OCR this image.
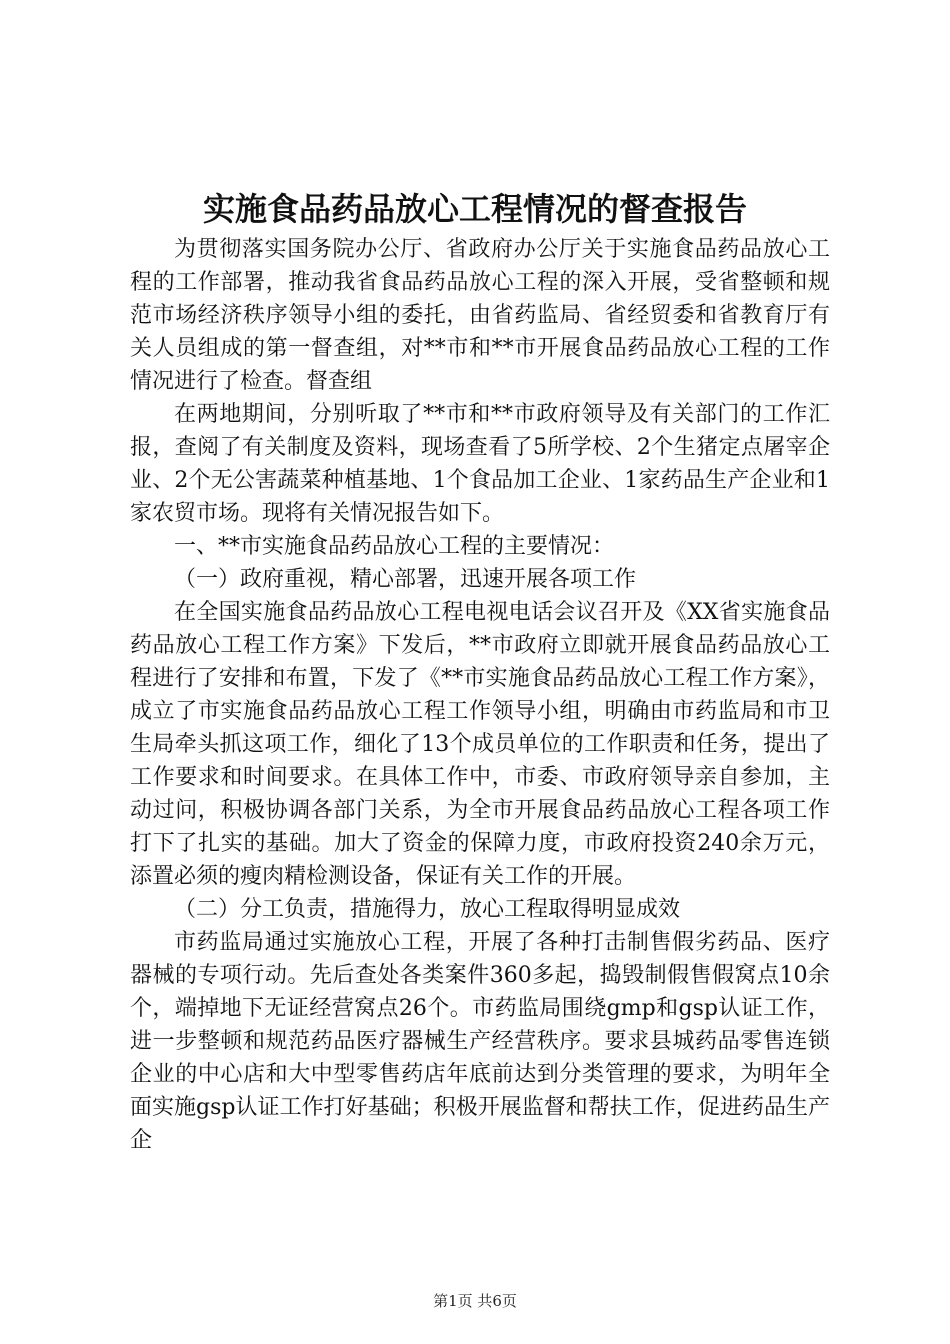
实施食品药品放心工程情况的督查报告

为贯彻落实国务院办公厅、省政府办公厅关于实施食品药品放心工程的工作部署，推动我省食品药品放心工程的深入开展，受省整顿和规范市场经济秩序领导小组的委托，由省药监局、省经贸委和省教育厅有关人员组成的第一督查组，对**市和**市开展食品药品放心工程的工作情况进行了检查。督查组

在两地期间，分别听取了**市和**市政府领导及有关部门的工作汇报，查阅了有关制度及资料，现场查看了5所学校、2个生猪定点屠宰企业、2个无公害蔬菜种植基地、1个食品加工企业、1家药品生产企业和1家农贸市场。现将有关情况报告如下。

一、**市实施食品药品放心工程的主要情况：

（一）政府重视，精心部署，迅速开展各项工作

在全国实施食品药品放心工程电视电话会议召开及《XX省实施食品药品放心工程工作方案》下发后，**市政府立即就开展食品药品放心工程进行了安排和布置，下发了《**市实施食品药品放心工程工作方案》，成立了市实施食品药品放心工程工作领导小组，明确由市药监局和市卫生局牵头抓这项工作，细化了13个成员单位的工作职责和任务，提出了工作要求和时间要求。在具体工作中，市委、市政府领导亲自参加，主动过问，积极协调各部门关系，为全市开展食品药品放心工程各项工作打下了扎实的基础。加大了资金的保障力度，市政府投资240余万元，添置必须的瘦肉精检测设备，保证有关工作的开展。

（二）分工负责，措施得力，放心工程取得明显成效

市药监局通过实施放心工程，开展了各种打击制售假劣药品、医疗器械的专项行动。先后查处各类案件360多起，捣毁制假售假窝点10余个，端掉地下无证经营窝点26个。市药监局围绕gmp和gsp认证工作，进一步整顿和规范药品医疗器械生产经营秩序。要求县城药品零售连锁企业的中心店和大中型零售药店年底前达到分类管理的要求，为明年全面实施gsp认证工作打好基础；积极开展监督和帮扶工作，促进药品生产企

第1页 共6页
